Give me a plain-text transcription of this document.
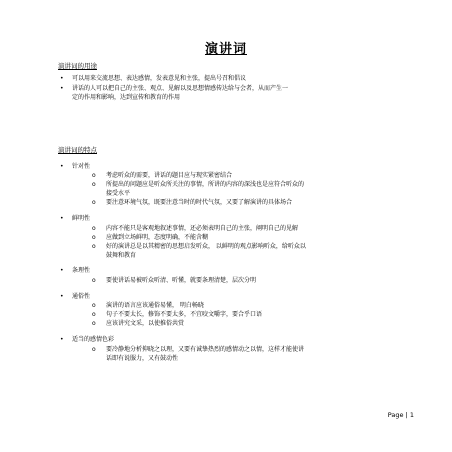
演讲词
演讲词的用途
• 可以用来交流思想、表达感情，发表意见和主张，提出号召和倡议
• 讲话的人可以把自己的主张、观点、见解以及思想情感传达给与会者，从而产生一
定的作用和影响，达到宣传和教育的作用
演讲词的特点
• 针对性
o 考虑听众的需要，讲话的题目应与现实紧密结合
o 所提出的问题应是听众所关注的事情，所讲的内容的深浅也是应符合听众的
接受水平
o 要注意环境气氛，既要注意当时的时代气氛，又要了解演讲的具体场合
• 鲜明性
o 内容不能只是客观地叙述事情，还必须表明自己的主张，阐明自己的见解
o 应做到立场鲜明，态度明确，不能含糊
o 好的演讲总是以其精密的思想启发听众， 以鲜明的观点影响听众，给听众以
鼓舞和教育
• 条理性
o 要使讲话易被听众听清、听懂，就要条理清楚，层次分明
• 通俗性
o 演讲的语言应该通俗易懂， 明白畅晓
o 句子不要太长，修饰不要太多，不宜咬文嚼字，要合乎口语
o 应该讲究文采，以使推俗共赏
• 适当的感情色彩
o 要冷静地分析抑晓之以理，又要有诚挚热烈的感情动之以情，这样才能使讲
话即有说服力，又有鼓动性
Page | 1
